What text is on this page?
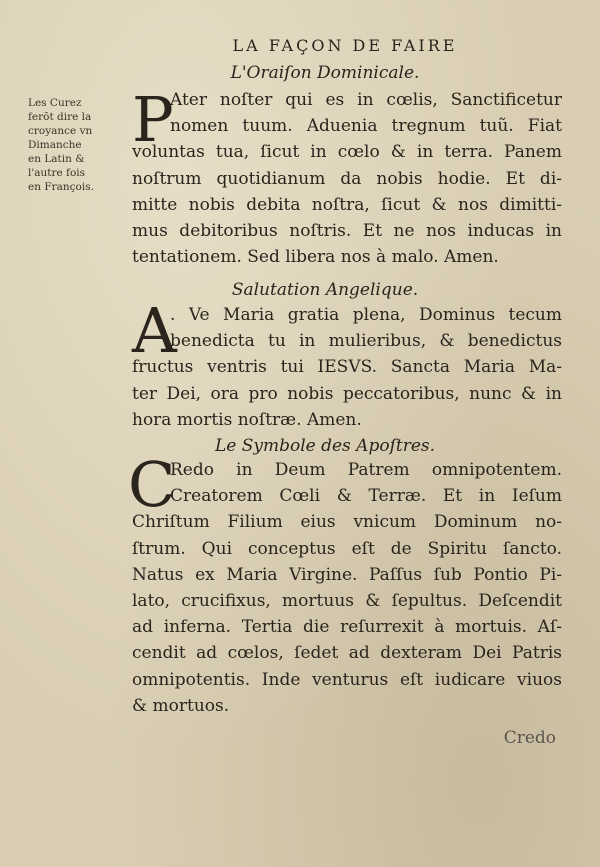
LA FAÇON DE FAIRE
L'Oraiſon Dominicale.
Les Curez
ferõt dire la
croyance vn
Dimanche
en Latin &
l'autre fois
en François.
P
Ater noſter qui es in cœlis, Sanctificetur
nomen tuum. Aduenia tregnum tuũ. Fiat
voluntas tua, ſicut in cœlo & in terra. Panem
noſtrum quotidianum da nobis hodie. Et di-
mitte nobis debita noſtra, ſicut & nos dimitti-
mus debitoribus noſtris. Et ne nos inducas in
tentationem. Sed libera nos à malo. Amen.
Salutation Angelique.
A
. Ve Maria gratia plena, Dominus tecum
benedicta tu in mulieribus, & benedictus
fructus ventris tui IESVS. Sancta Maria Ma-
ter Dei, ora pro nobis peccatoribus, nunc & in
hora mortis noſtræ. Amen.
Le Symbole des Apoſtres.
C
Redo in Deum Patrem omnipotentem.
Creatorem Cœli & Terræ. Et in Ieſum
Chriſtum Filium eius vnicum Dominum no-
ſtrum. Qui conceptus eſt de Spiritu ſancto.
Natus ex Maria Virgine. Paſſus ſub Pontio Pi-
lato, crucifixus, mortuus & ſepultus. Deſcendit
ad inferna. Tertia die reſurrexit à mortuis. Aſ-
cendit ad cœlos, ſedet ad dexteram Dei Patris
omnipotentis. Inde venturus eſt iudicare viuos
& mortuos.
Credo
